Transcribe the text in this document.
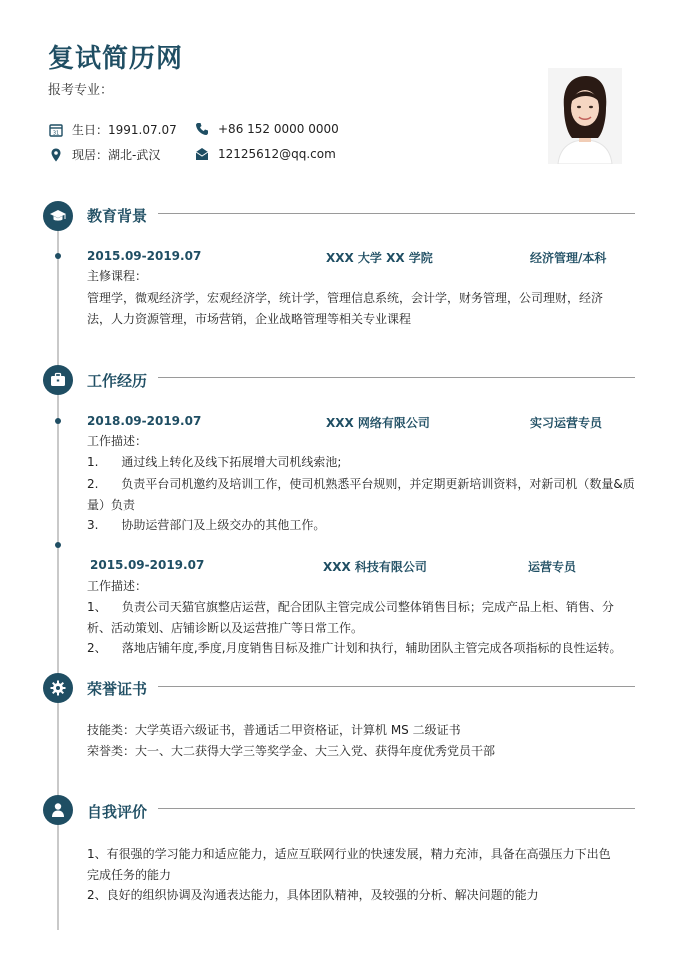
复试简历网
报考专业：
31 生日：1991.07.07	+86 152 0000 0000
现居：湖北-武汉	12125612@qq.com
教育背景
2015.09-2019.07	XXX 大学 XX 学院	经济管理/本科
主修课程：
管理学，微观经济学，宏观经济学，统计学，管理信息系统，会计学，财务管理，公司理财，经济
法，人力资源管理，市场营销，企业战略管理等相关专业课程
工作经历
2018.09-2019.07	XXX 网络有限公司	实习运营专员
工作描述：
1.      通过线上转化及线下拓展增大司机线索池;
2.      负责平台司机邀约及培训工作，使司机熟悉平台规则，并定期更新培训资料，对新司机（数量&质
量）负责
3.      协助运营部门及上级交办的其他工作。
2015.09-2019.07	XXX 科技有限公司	运营专员
工作描述：
1、    负责公司天猫官旗整店运营，配合团队主管完成公司整体销售目标；完成产品上柜、销售、分
析、活动策划、店铺诊断以及运营推广等日常工作。
2、    落地店铺年度,季度,月度销售目标及推广计划和执行，辅助团队主管完成各项指标的良性运转。
荣誉证书
技能类：大学英语六级证书，普通话二甲资格证，计算机 MS 二级证书
荣誉类：大一、大二获得大学三等奖学金、大三入党、获得年度优秀党员干部
自我评价
1、有很强的学习能力和适应能力，适应互联网行业的快速发展，精力充沛，具备在高强压力下出色
完成任务的能力
2、良好的组织协调及沟通表达能力，具体团队精神，及较强的分析、解决问题的能力
